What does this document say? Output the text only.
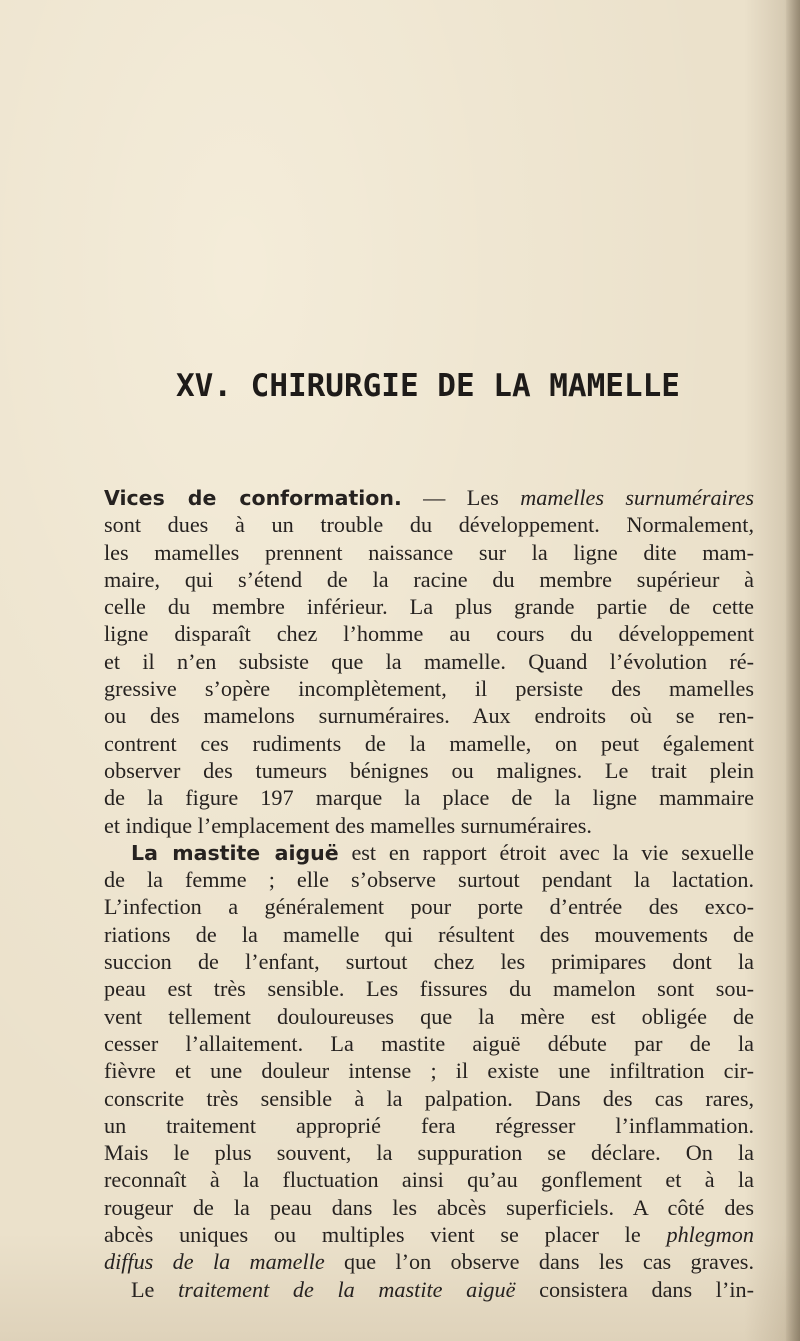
XV. CHIRURGIE DE LA MAMELLE
Vices de conformation. — Les mamelles surnuméraires
sont dues à un trouble du développement. Normalement,
les mamelles prennent naissance sur la ligne dite mam-
maire, qui s’étend de la racine du membre supérieur à
celle du membre inférieur. La plus grande partie de cette
ligne disparaît chez l’homme au cours du développement
et il n’en subsiste que la mamelle. Quand l’évolution ré-
gressive s’opère incomplètement, il persiste des mamelles
ou des mamelons surnuméraires. Aux endroits où se ren-
contrent ces rudiments de la mamelle, on peut également
observer des tumeurs bénignes ou malignes. Le trait plein
de la figure 197 marque la place de la ligne mammaire
et indique l’emplacement des mamelles surnuméraires.
La mastite aiguë est en rapport étroit avec la vie sexuelle
de la femme ; elle s’observe surtout pendant la lactation.
L’infection a généralement pour porte d’entrée des exco-
riations de la mamelle qui résultent des mouvements de
succion de l’enfant, surtout chez les primipares dont la
peau est très sensible. Les fissures du mamelon sont sou-
vent tellement douloureuses que la mère est obligée de
cesser l’allaitement. La mastite aiguë débute par de la
fièvre et une douleur intense ; il existe une infiltration cir-
conscrite très sensible à la palpation. Dans des cas rares,
un traitement approprié fera régresser l’inflammation.
Mais le plus souvent, la suppuration se déclare. On la
reconnaît à la fluctuation ainsi qu’au gonflement et à la
rougeur de la peau dans les abcès superficiels. A côté des
abcès uniques ou multiples vient se placer le phlegmon
diffus de la mamelle que l’on observe dans les cas graves.
Le traitement de la mastite aiguë consistera dans l’in-
